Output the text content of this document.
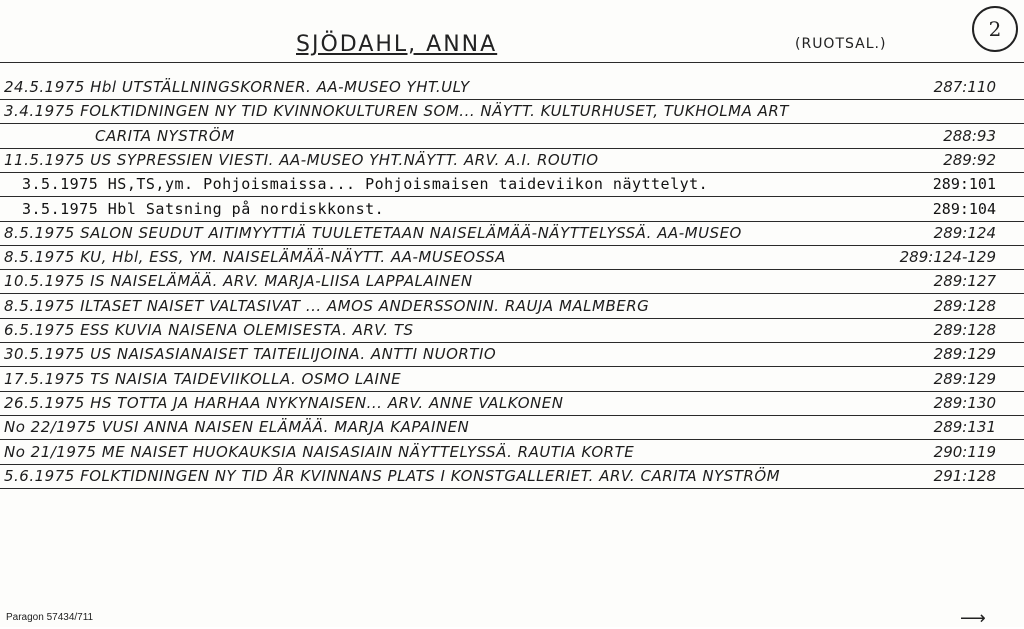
SJÖDAHL, ANNA	(RUOTSAL.)
2
24.5.1975 Hbl UTSTÄLLNINGSKORNER. AA-MUSEO YHT.ULY	287:110
3.4.1975 FOLKTIDNINGEN NY TID KVINNOKULTUREN SOM... NÄYTT. KULTURHUSET, TUKHOLMA ART
CARITA NYSTRÖM	288:93
11.5.1975 US SYPRESSIEN VIESTI. AA-MUSEO YHT.NÄYTT. ARV. A.I. ROUTIO	289:92
3.5.1975 HS,TS,ym. Pohjoismaissa... Pohjoismaisen taideviikon näyttelyt.	289:101
3.5.1975 Hbl Satsning på nordiskkonst.	289:104
8.5.1975 SALON SEUDUT AITIMYYTTIÄ TUULETETAAN NAISELÄMÄÄ-NÄYTTELYSSÄ. AA-MUSEO	289:124
8.5.1975 KU, Hbl, ESS, YM. NAISELÄMÄÄ-NÄYTT. AA-MUSEOSSA	289:124-129
10.5.1975 IS NAISELÄMÄÄ. ARV. MARJA-LIISA LAPPALAINEN	289:127
8.5.1975 ILTASET NAISET VALTASIVAT ... AMOS ANDERSSONIN. RAUJA MALMBERG	289:128
6.5.1975 ESS KUVIA NAISENA OLEMISESTA. ARV. TS	289:128
30.5.1975 US NAISASIANAISET TAITEILIJOINA. ANTTI NUORTIO	289:129
17.5.1975 TS NAISIA TAIDEVIIKOLLA. OSMO LAINE	289:129
26.5.1975 HS TOTTA JA HARHAA NYKYNAISEN... ARV. ANNE VALKONEN	289:130
No 22/1975 VUSI ANNA NAISEN ELÄMÄÄ. MARJA KAPAINEN	289:131
No 21/1975 ME NAISET HUOKAUKSIA NAISASIAIN NÄYTTELYSSÄ. RAUTIA KORTE	290:119
5.6.1975 FOLKTIDNINGEN NY TID ÅR KVINNANS PLATS I KONSTGALLERIET. ARV. CARITA NYSTRÖM	291:128
Paragon 57434/711	⟶
